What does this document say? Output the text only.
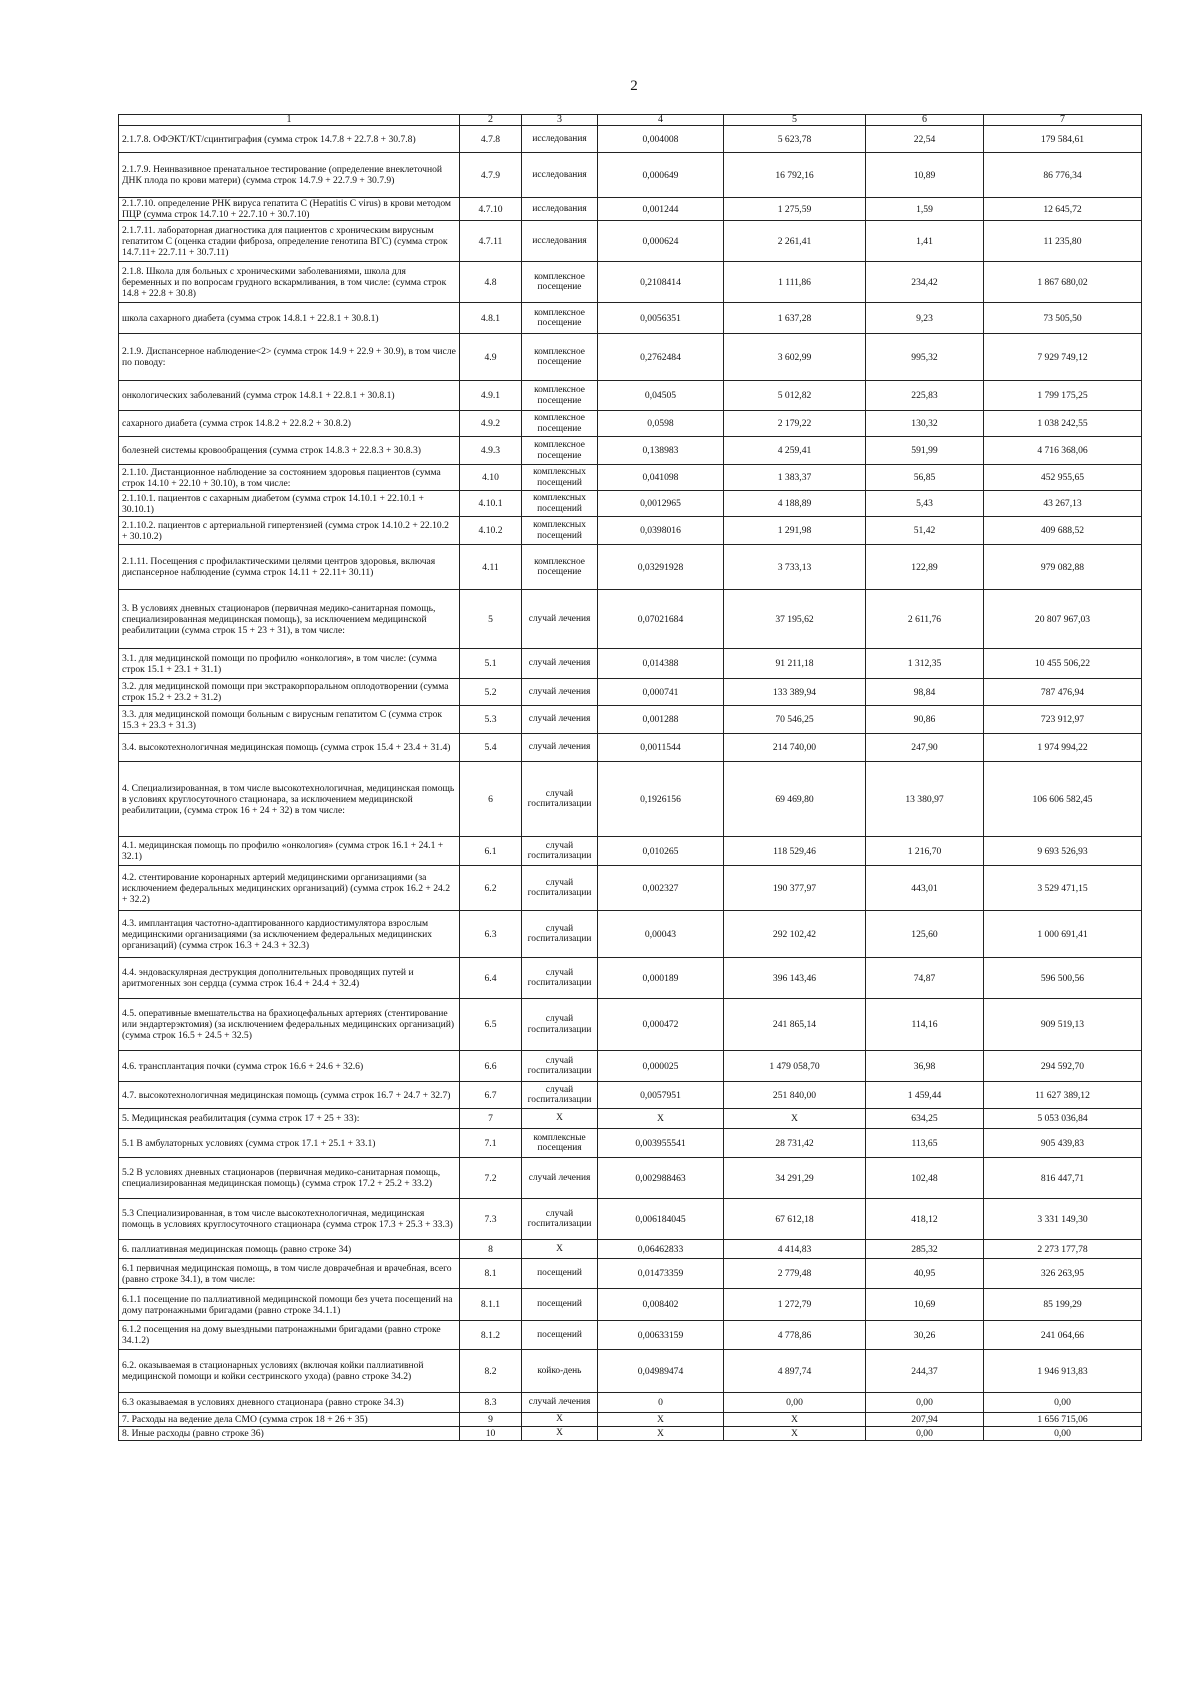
2
1	2	3	4	5	6	7
2.1.7.8. ОФЭКТ/КТ/сцинтиграфия (сумма строк 14.7.8 + 22.7.8 + 30.7.8)	4.7.8	исследования	0,004008	5 623,78	22,54	179 584,61
2.1.7.9. Неинвазивное пренатальное тестирование (определение внеклеточной ДНК плода по крови матери) (сумма строк 14.7.9 + 22.7.9 + 30.7.9)	4.7.9	исследования	0,000649	16 792,16	10,89	86 776,34
2.1.7.10. определение РНК вируса гепатита С (Hepatitis C virus) в крови методом ПЦР (сумма строк 14.7.10 + 22.7.10 + 30.7.10)	4.7.10	исследования	0,001244	1 275,59	1,59	12 645,72
2.1.7.11. лабораторная диагностика для пациентов с хроническим вирусным гепатитом С (оценка стадии фиброза, определение генотипа ВГС) (сумма строк 14.7.11+ 22.7.11 + 30.7.11)	4.7.11	исследования	0,000624	2 261,41	1,41	11 235,80
2.1.8. Школа для больных с хроническими заболеваниями, школа для беременных и по вопросам грудного вскармливания, в том числе: (сумма строк 14.8 + 22.8 + 30.8)	4.8	комплексное посещение	0,2108414	1 111,86	234,42	1 867 680,02
школа сахарного диабета (сумма строк 14.8.1 + 22.8.1 + 30.8.1)	4.8.1	комплексное посещение	0,0056351	1 637,28	9,23	73 505,50
2.1.9. Диспансерное наблюдение<2> (сумма строк 14.9 + 22.9 + 30.9), в том числе по поводу:	4.9	комплексное посещение	0,2762484	3 602,99	995,32	7 929 749,12
онкологических заболеваний (сумма строк 14.8.1 + 22.8.1 + 30.8.1)	4.9.1	комплексное посещение	0,04505	5 012,82	225,83	1 799 175,25
сахарного диабета (сумма строк 14.8.2 + 22.8.2 + 30.8.2)	4.9.2	комплексное посещение	0,0598	2 179,22	130,32	1 038 242,55
болезней системы кровообращения (сумма строк 14.8.3 + 22.8.3 + 30.8.3)	4.9.3	комплексное посещение	0,138983	4 259,41	591,99	4 716 368,06
2.1.10. Дистанционное наблюдение за состоянием здоровья пациентов (сумма строк 14.10 + 22.10 + 30.10), в том числе:	4.10	комплексных посещений	0,041098	1 383,37	56,85	452 955,65
2.1.10.1. пациентов с сахарным диабетом (сумма строк 14.10.1 + 22.10.1 + 30.10.1)	4.10.1	комплексных посещений	0,0012965	4 188,89	5,43	43 267,13
2.1.10.2. пациентов с артериальной гипертензией (сумма строк 14.10.2 + 22.10.2 + 30.10.2)	4.10.2	комплексных посещений	0,0398016	1 291,98	51,42	409 688,52
2.1.11. Посещения с профилактическими целями центров здоровья, включая диспансерное наблюдение (сумма строк 14.11 + 22.11+ 30.11)	4.11	комплексное посещение	0,03291928	3 733,13	122,89	979 082,88
3. В условиях дневных стационаров (первичная медико-санитарная помощь, специализированная медицинская помощь), за исключением медицинской реабилитации (сумма строк 15 + 23 + 31), в том числе:	5	случай лечения	0,07021684	37 195,62	2 611,76	20 807 967,03
3.1. для медицинской помощи по профилю «онкология», в том числе: (сумма строк 15.1 + 23.1 + 31.1)	5.1	случай лечения	0,014388	91 211,18	1 312,35	10 455 506,22
3.2. для медицинской помощи при экстракорпоральном оплодотворении (сумма строк 15.2 + 23.2 + 31.2)	5.2	случай лечения	0,000741	133 389,94	98,84	787 476,94
3.3. для медицинской помощи больным с вирусным гепатитом С (сумма строк 15.3 + 23.3 + 31.3)	5.3	случай лечения	0,001288	70 546,25	90,86	723 912,97
3.4. высокотехнологичная медицинская помощь (сумма строк 15.4 + 23.4 + 31.4)	5.4	случай лечения	0,0011544	214 740,00	247,90	1 974 994,22
4. Специализированная, в том числе высокотехнологичная, медицинская помощь в условиях круглосуточного стационара, за исключением медицинской реабилитации, (сумма строк 16 + 24 + 32) в том числе:	6	случай госпитализации	0,1926156	69 469,80	13 380,97	106 606 582,45
4.1. медицинская помощь по профилю «онкология» (сумма строк 16.1 + 24.1 + 32.1)	6.1	случай госпитализации	0,010265	118 529,46	1 216,70	9 693 526,93
4.2. стентирование коронарных артерий медицинскими организациями (за исключением федеральных медицинских организаций) (сумма строк 16.2 + 24.2 + 32.2)	6.2	случай госпитализации	0,002327	190 377,97	443,01	3 529 471,15
4.3. имплантация частотно-адаптированного кардиостимулятора взрослым медицинскими организациями (за исключением федеральных медицинских организаций) (сумма строк 16.3 + 24.3 + 32.3)	6.3	случай госпитализации	0,00043	292 102,42	125,60	1 000 691,41
4.4. эндоваскулярная деструкция дополнительных проводящих путей и аритмогенных зон сердца (сумма строк 16.4 + 24.4 + 32.4)	6.4	случай госпитализации	0,000189	396 143,46	74,87	596 500,56
4.5. оперативные вмешательства на брахиоцефальных артериях (стентирование или эндартерэктомия) (за исключением федеральных медицинских организаций) (сумма строк 16.5 + 24.5 + 32.5)	6.5	случай госпитализации	0,000472	241 865,14	114,16	909 519,13
4.6. трансплантация почки (сумма строк 16.6 + 24.6 + 32.6)	6.6	случай госпитализации	0,000025	1 479 058,70	36,98	294 592,70
4.7. высокотехнологичная медицинская помощь (сумма строк 16.7 + 24.7 + 32.7)	6.7	случай госпитализации	0,0057951	251 840,00	1 459,44	11 627 389,12
5. Медицинская реабилитация (сумма строк 17 + 25 + 33):	7	Х	Х	Х	634,25	5 053 036,84
5.1 В амбулаторных условиях (сумма строк 17.1 + 25.1 + 33.1)	7.1	комплексные посещения	0,003955541	28 731,42	113,65	905 439,83
5.2 В условиях дневных стационаров (первичная медико-санитарная помощь, специализированная медицинская помощь) (сумма строк 17.2 + 25.2 + 33.2)	7.2	случай лечения	0,002988463	34 291,29	102,48	816 447,71
5.3 Специализированная, в том числе высокотехнологичная, медицинская помощь в условиях круглосуточного стационара (сумма строк 17.3 + 25.3 + 33.3)	7.3	случай госпитализации	0,006184045	67 612,18	418,12	3 331 149,30
6. паллиативная медицинская помощь (равно строке 34)	8	Х	0,06462833	4 414,83	285,32	2 273 177,78
6.1 первичная медицинская помощь, в том числе доврачебная и врачебная, всего (равно строке 34.1), в том числе:	8.1	посещений	0,01473359	2 779,48	40,95	326 263,95
6.1.1 посещение по паллиативной медицинской помощи без учета посещений на дому патронажными бригадами (равно строке 34.1.1)	8.1.1	посещений	0,008402	1 272,79	10,69	85 199,29
6.1.2 посещения на дому выездными патронажными бригадами (равно строке 34.1.2)	8.1.2	посещений	0,00633159	4 778,86	30,26	241 064,66
6.2. оказываемая в стационарных условиях (включая койки паллиативной медицинской помощи и койки сестринского ухода) (равно строке 34.2)	8.2	койко-день	0,04989474	4 897,74	244,37	1 946 913,83
6.3 оказываемая в условиях дневного стационара (равно строке 34.3)	8.3	случай лечения	0	0,00	0,00	0,00
7. Расходы на ведение дела СМО (сумма строк 18 + 26 + 35)	9	Х	Х	Х	207,94	1 656 715,06
8. Иные расходы (равно строке 36)	10	Х	Х	Х	0,00	0,00
